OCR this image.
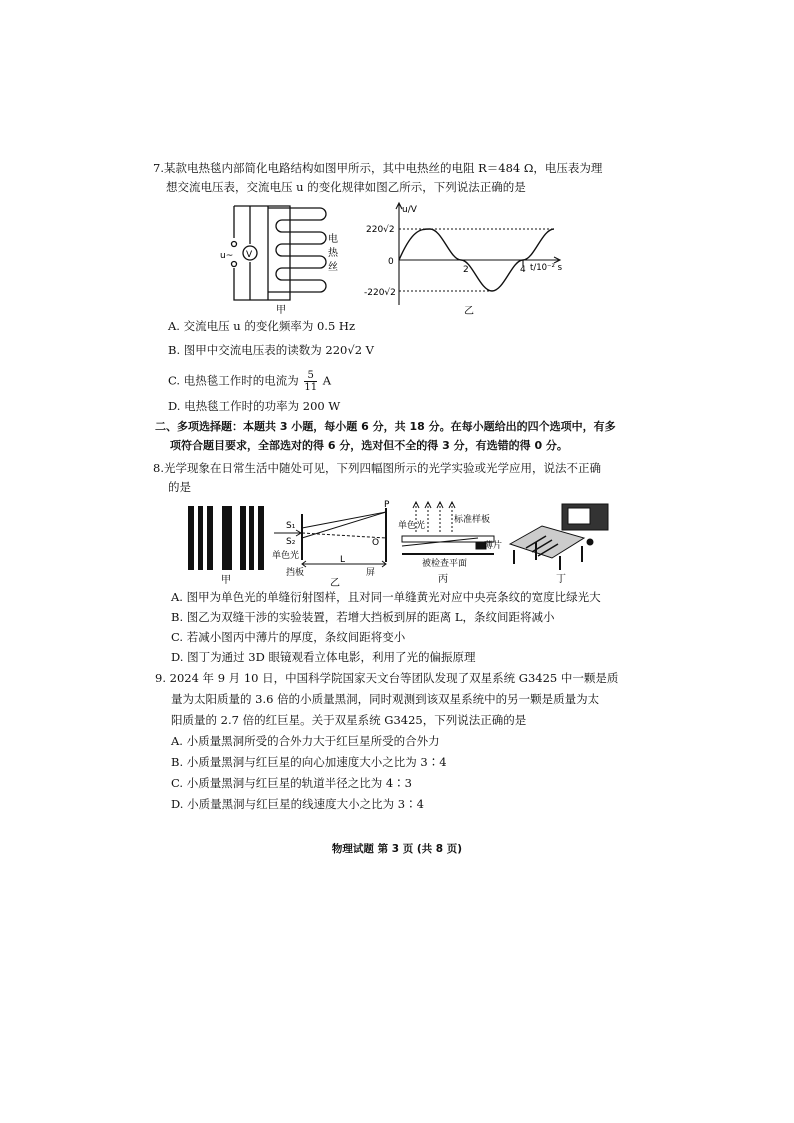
7.某款电热毯内部简化电路结构如图甲所示，其中电热丝的电阻 R＝484 Ω，电压表为理
想交流电压表，交流电压 u 的变化规律如图乙所示，下列说法正确的是
u~ V
电
热
丝
甲
u/V
220√2
0
-220√2
2	4 t/10⁻² s
乙
A. 交流电压 u 的变化频率为 0.5 Hz
B. 图甲中交流电压表的读数为 220√2 V
C. 电热毯工作时的电流为 $\frac{5}{11}$ A
D. 电热毯工作时的功率为 200 W
二、多项选择题：本题共 3 小题，每小题 6 分，共 18 分。在每小题给出的四个选项中，有多
项符合题目要求，全部选对的得 6 分，选对但不全的得 3 分，有选错的得 0 分。
8.光学现象在日常生活中随处可见，下列四幅图所示的光学实验或光学应用，说法不正确
的是
甲
S₁
S₂
P
O
单色光	L
挡板	屏
乙
单色光
标准样板
薄片
被检查平面
丙	丁
A. 图甲为单色光的单缝衍射图样，且对同一单缝黄光对应中央亮条纹的宽度比绿光大
B. 图乙为双缝干涉的实验装置，若增大挡板到屏的距离 L，条纹间距将减小
C. 若减小图丙中薄片的厚度，条纹间距将变小
D. 图丁为通过 3D 眼镜观看立体电影，利用了光的偏振原理
9. 2024 年 9 月 10 日，中国科学院国家天文台等团队发现了双星系统 G3425 中一颗是质
量为太阳质量的 3.6 倍的小质量黑洞，同时观测到该双星系统中的另一颗是质量为太
阳质量的 2.7 倍的红巨星。关于双星系统 G3425，下列说法正确的是
A. 小质量黑洞所受的合外力大于红巨星所受的合外力
B. 小质量黑洞与红巨星的向心加速度大小之比为 3∶4
C. 小质量黑洞与红巨星的轨道半径之比为 4∶3
D. 小质量黑洞与红巨星的线速度大小之比为 3∶4
物理试题 第 3 页 (共 8 页)
